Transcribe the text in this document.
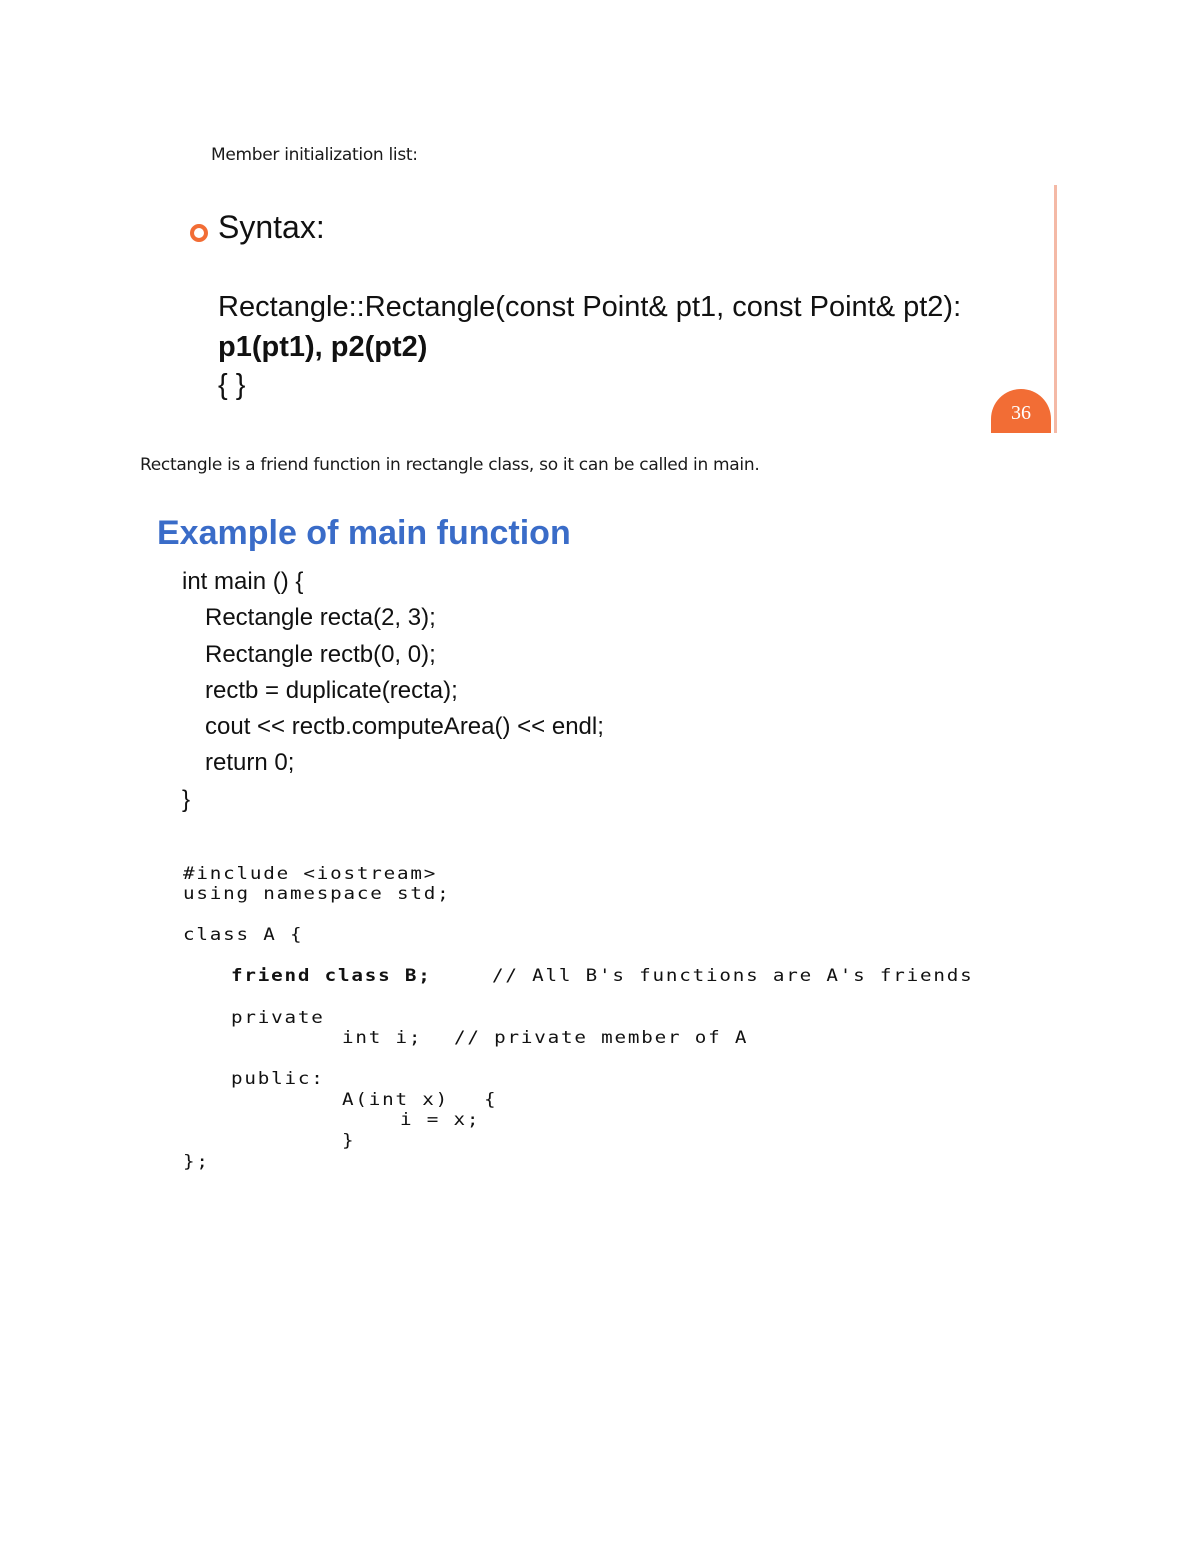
Member initialization list:
Syntax:
Rectangle::Rectangle(const Point& pt1, const Point& pt2):
p1(pt1), p2(pt2)
{ }
36
Rectangle is a friend function in rectangle class, so it can be called in main.
Example of main function
int main () {
Rectangle recta(2, 3);
Rectangle rectb(0, 0);
rectb = duplicate(recta);
cout << rectb.computeArea() << endl;
return 0;
}
#include <iostream>
using namespace std;
class A {
friend class B;	// All B's functions are A's friends
private
int i; // private member of A
public:
A(int x) {
i = x;
}
};
